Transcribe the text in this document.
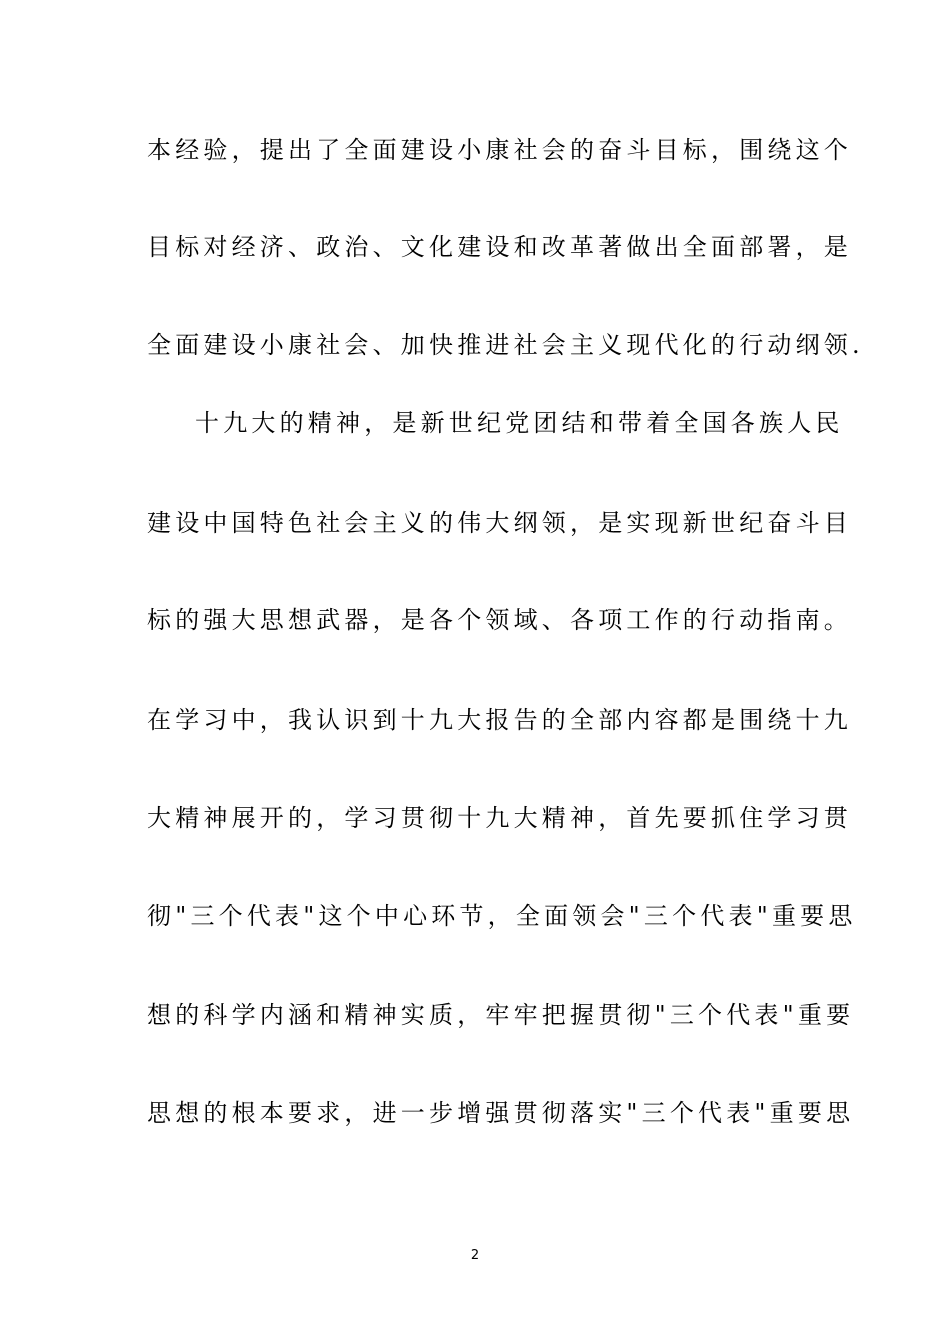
本经验，提出了全面建设小康社会的奋斗目标，围绕这个
目标对经济、政治、文化建设和改革著做出全面部署，是
全面建设小康社会、加快推进社会主义现代化的行动纲领.
十九大的精神，是新世纪党团结和带着全国各族人民
建设中国特色社会主义的伟大纲领，是实现新世纪奋斗目
标的强大思想武器，是各个领域、各项工作的行动指南。
在学习中，我认识到十九大报告的全部内容都是围绕十九
大精神展开的，学习贯彻十九大精神，首先要抓住学习贯
彻"三个代表"这个中心环节，全面领会"三个代表"重要思
想的科学内涵和精神实质，牢牢把握贯彻"三个代表"重要
思想的根本要求，进一步增强贯彻落实"三个代表"重要思
2
